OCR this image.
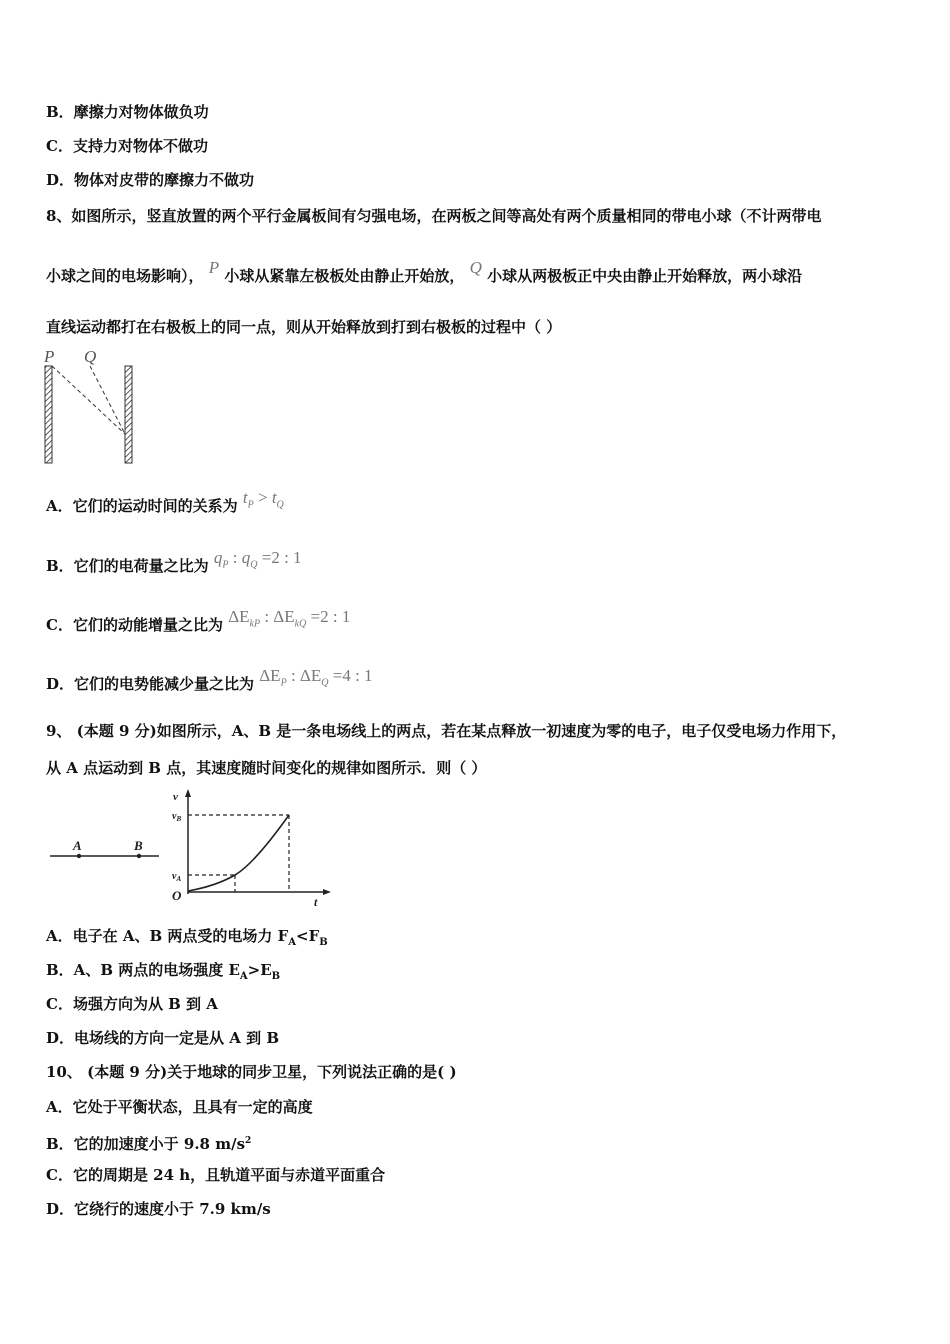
B．摩擦力对物体做负功
C．支持力对物体不做功
D．物体对皮带的摩擦力不做功
8、如图所示，竖直放置的两个平行金属板间有匀强电场，在两板之间等高处有两个质量相同的带电小球（不计两带电
小球之间的电场影响）， P 小球从紧靠左极板处由静止开始放， Q 小球从两极板正中央由静止开始释放，两小球沿
直线运动都打在右极板上的同一点，则从开始释放到打到右极板的过程中（ ）
P Q
A．它们的运动时间的关系为 $t_P > t_Q$
B．它们的电荷量之比为 $q_P$ : $q_Q =2$ : 1
C．它们的动能增量之比为 $\Delta E_{kP}$ : $\Delta E_{kQ} =2$ : 1
D．它们的电势能减少量之比为 $\Delta E_P$ : $\Delta E_Q =4$ : 1
9、 (本题 9 分)如图所示，A、B 是一条电场线上的两点，若在某点释放一初速度为零的电子，电子仅受电场力作用下，
从 A 点运动到 B 点，其速度随时间变化的规律如图所示．则（ ）
A	B
v
$v_B$
$v_A$
O	t
A．电子在 A、B 两点受的电场力 $F_A<F_B$
B．A、B 两点的电场强度 $E_A>E_B$
C．场强方向为从 B 到 A
D．电场线的方向一定是从 A 到 B
10、 (本题 9 分)关于地球的同步卫星，下列说法正确的是( )
A．它处于平衡状态，且具有一定的高度
B．它的加速度小于 9.8 $m/s^2$
C．它的周期是 24 h，且轨道平面与赤道平面重合
D．它绕行的速度小于 7.9 km/s
